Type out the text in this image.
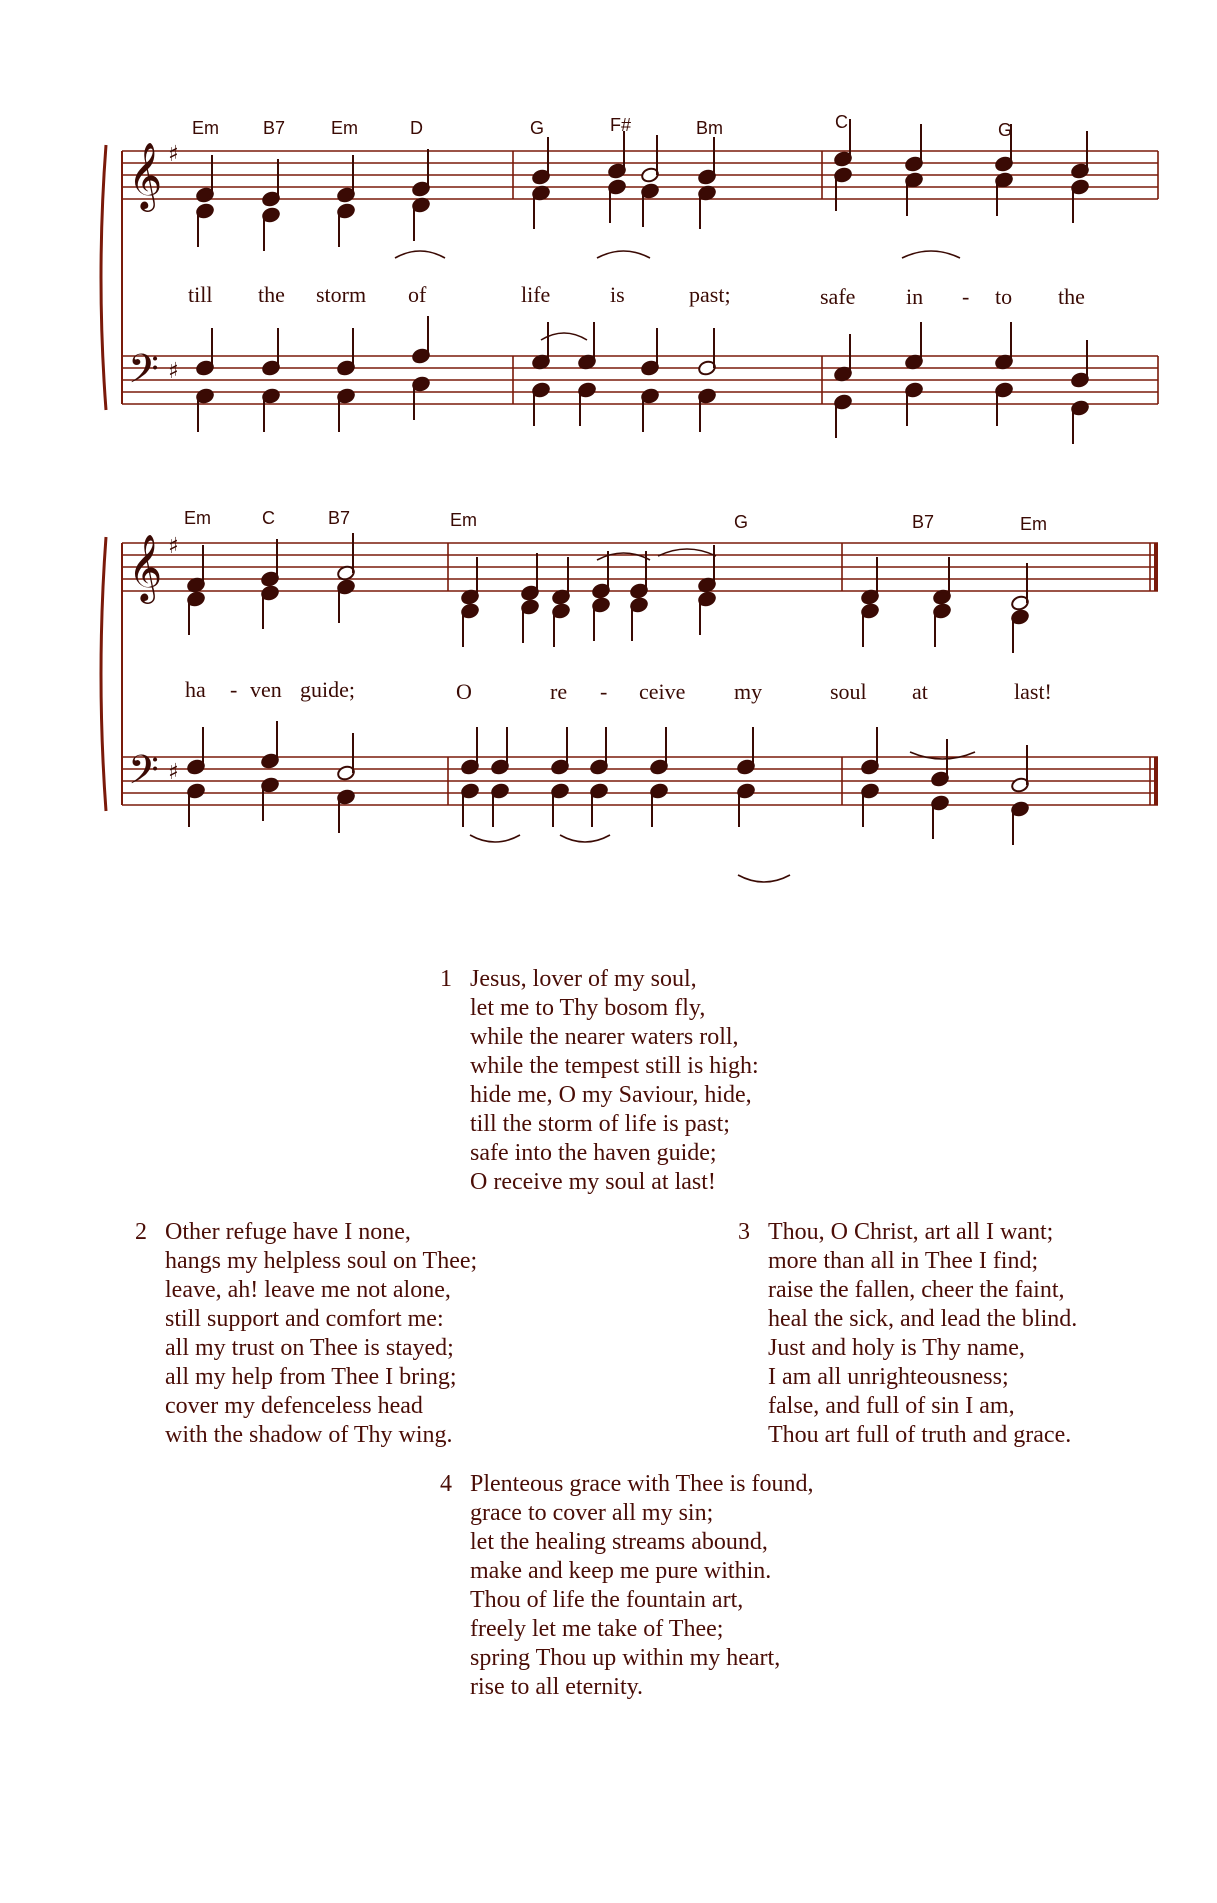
𝄞
𝄢
♯
♯
𝄞
𝄢
♯
♯
Em B7	Em	D	G	F#	Bm	C	G
till the storm of	life	is	past;	safe in - to the
Em	C	B7	Em	G	B7	Em
ha - ven guide;	O	re - ceive my	soul at	last!
1 Jesus, lover of my soul,
let me to Thy bosom fly,
while the nearer waters roll,
while the tempest still is high:
hide me, O my Saviour, hide,
till the storm of life is past;
safe into the haven guide;
O receive my soul at last!
2 Other refuge have I none,
hangs my helpless soul on Thee;
leave, ah! leave me not alone,
still support and comfort me:
all my trust on Thee is stayed;
all my help from Thee I bring;
cover my defenceless head
with the shadow of Thy wing.
3 Thou, O Christ, art all I want;
more than all in Thee I find;
raise the fallen, cheer the faint,
heal the sick, and lead the blind.
Just and holy is Thy name,
I am all unrighteousness;
false, and full of sin I am,
Thou art full of truth and grace.
4 Plenteous grace with Thee is found,
grace to cover all my sin;
let the healing streams abound,
make and keep me pure within.
Thou of life the fountain art,
freely let me take of Thee;
spring Thou up within my heart,
rise to all eternity.
